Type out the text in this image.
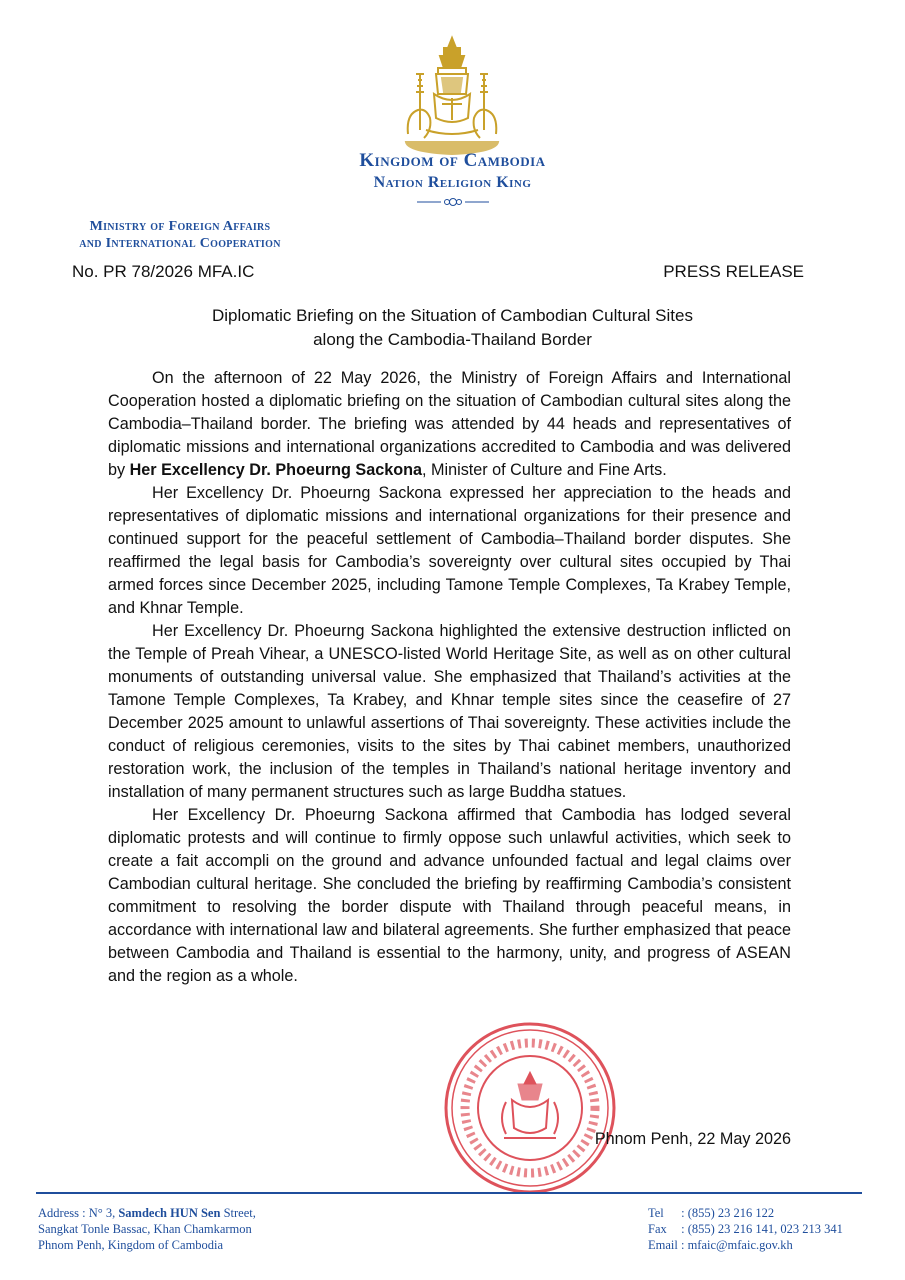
Kingdom of Cambodia
Nation Religion King
Ministry of Foreign Affairs
and International Cooperation
No. PR 78/2026 MFA.IC	PRESS RELEASE
Diplomatic Briefing on the Situation of Cambodian Cultural Sites
along the Cambodia-Thailand Border

On the afternoon of 22 May 2026, the Ministry of Foreign Affairs and International Cooperation hosted a diplomatic briefing on the situation of Cambodian cultural sites along the Cambodia–Thailand border. The briefing was attended by 44 heads and representatives of diplomatic missions and international organizations accredited to Cambodia and was delivered by Her Excellency Dr. Phoeurng Sackona, Minister of Culture and Fine Arts.

Her Excellency Dr. Phoeurng Sackona expressed her appreciation to the heads and representatives of diplomatic missions and international organizations for their presence and continued support for the peaceful settlement of Cambodia–Thailand border disputes. She reaffirmed the legal basis for Cambodia’s sovereignty over cultural sites occupied by Thai armed forces since December 2025, including Tamone Temple Complexes, Ta Krabey Temple, and Khnar Temple.

Her Excellency Dr. Phoeurng Sackona highlighted the extensive destruction inflicted on the Temple of Preah Vihear, a UNESCO-listed World Heritage Site, as well as on other cultural monuments of outstanding universal value. She emphasized that Thailand’s activities at the Tamone Temple Complexes, Ta Krabey, and Khnar temple sites since the ceasefire of 27 December 2025 amount to unlawful assertions of Thai sovereignty. These activities include the conduct of religious ceremonies, visits to the sites by Thai cabinet members, unauthorized restoration work, the inclusion of the temples in Thailand’s national heritage inventory and installation of many permanent structures such as large Buddha statues.

Her Excellency Dr. Phoeurng Sackona affirmed that Cambodia has lodged several diplomatic protests and will continue to firmly oppose such unlawful activities, which seek to create a fait accompli on the ground and advance unfounded factual and legal claims over Cambodian cultural heritage. She concluded the briefing by reaffirming Cambodia’s consistent commitment to resolving the border dispute with Thailand through peaceful means, in accordance with international law and bilateral agreements. She further emphasized that peace between Cambodia and Thailand is essential to the harmony, unity, and progress of ASEAN and the region as a whole.

Phnom Penh, 22 May 2026
Address : N° 3, Samdech HUN Sen Street,
Sangkat Tonle Bassac, Khan Chamkarmon
Phnom Penh, Kingdom of Cambodia
Tel : (855) 23 216 122
Fax : (855) 23 216 141, 023 213 341
Email : mfaic@mfaic.gov.kh
